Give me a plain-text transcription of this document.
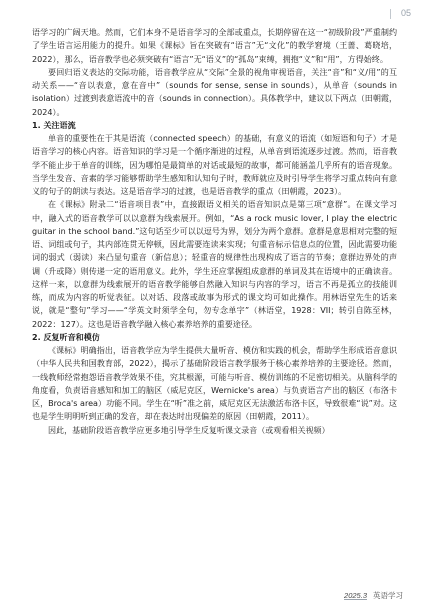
05

语学习的广阔天地。然而，它们本身不是语音学习的全部或重点，长期停留在这一“初级阶段”严重制约了学生语言运用能力的提升。如果《课标》旨在突破有“语言”无“文化”的教学窘境（王蔷、葛晓培，2022），那么，语音教学也必须突破有“语言”无“语义”的“孤岛”束缚，拥抱“义”和“用”，方得始终。

要回归语义表达的交际功能，语音教学应从“交际”全景的视角审视语音，关注“音”和“义/用”的互动关系——“音以表意，意在音中”（sounds for sense, sense in sounds），从单音（sounds in isolation）过渡到表意语流中的音（sounds in connection）。具体教学中，建议以下两点（田朝霞，2024）。

1. 关注语流

单音的重要性在于其是语流（connected speech）的基础，有意义的语流（如短语和句子）才是语音学习的核心内容。语音知识的学习是一个循序渐进的过程，从单音到语流逐步过渡。然而，语音教学不能止步于单音的训练，因为哪怕是最简单的对话或最短的故事，都可能涵盖几乎所有的语音现象。当学生发音、音素的学习能够帮助学生感知和认知句子时，教师就应及时引导学生将学习重点转向有意义的句子的朗读与表达。这是语音学习的过渡，也是语音教学的重点（田朝霞，2023）。

在《课标》附录二“语音项目表”中，直接跟语义相关的语音知识点是第三项“意群”。在课文学习中，融入式的语音教学可以以意群为线索展开。例如，“As a rock music lover, I play the electric guitar in the school band.”这句话至少可以以逗号为界，划分为两个意群。意群是意思相对完整的短语、词组或句子，其内部连贯无停顿，因此需要连读来实现；句重音标示信息点的位置，因此需要功能词的弱式（弱读）来凸显句重音（新信息）；轻重音的规律性出现构成了语言的节奏；意群边界处的声调（升或降）则传递一定的语用意义。此外，学生还应掌握组成意群的单词及其在语境中的正确读音。这样一来，以意群为线索展开的语音教学能够自然融入知识与内容的学习，语言不再是孤立的技能训练，而成为内容的听觉表征。以对话、段落或故事为形式的课文均可如此操作。用林语堂先生的话来说，就是“整句”学习——“学英文时须学全句，勿专念单字”（林语堂，1928：VII；转引自陈至林，2022：127）。这也是语音教学融入核心素养培养的重要途径。

2. 反复听音和模仿

《课标》明确指出，语音教学应为学生提供大量听音、模仿和实践的机会，帮助学生形成语音意识（中华人民共和国教育部，2022），揭示了基础阶段语言教学服务于核心素养培养的主要途径。然而，一线教师经常抱怨语音教学效果不佳，究其根源，可能与听音、模仿训练的不足密切相关。从脑科学的角度看，负责语音感知和加工的脑区（威尼克区，Wernicke's area）与负责语言产出的脑区（布洛卡区，Broca's area）功能不同。学生在“听”准之前，威尼克区无法激活布洛卡区，导致很难“说”对。这也是学生明明听到正确的发音，却在表达时出现偏差的原因（田朝霞，2011）。

因此，基础阶段语音教学应更多地引导学生反复听课文录音（或观看相关视频）

2025.3 英语学习
